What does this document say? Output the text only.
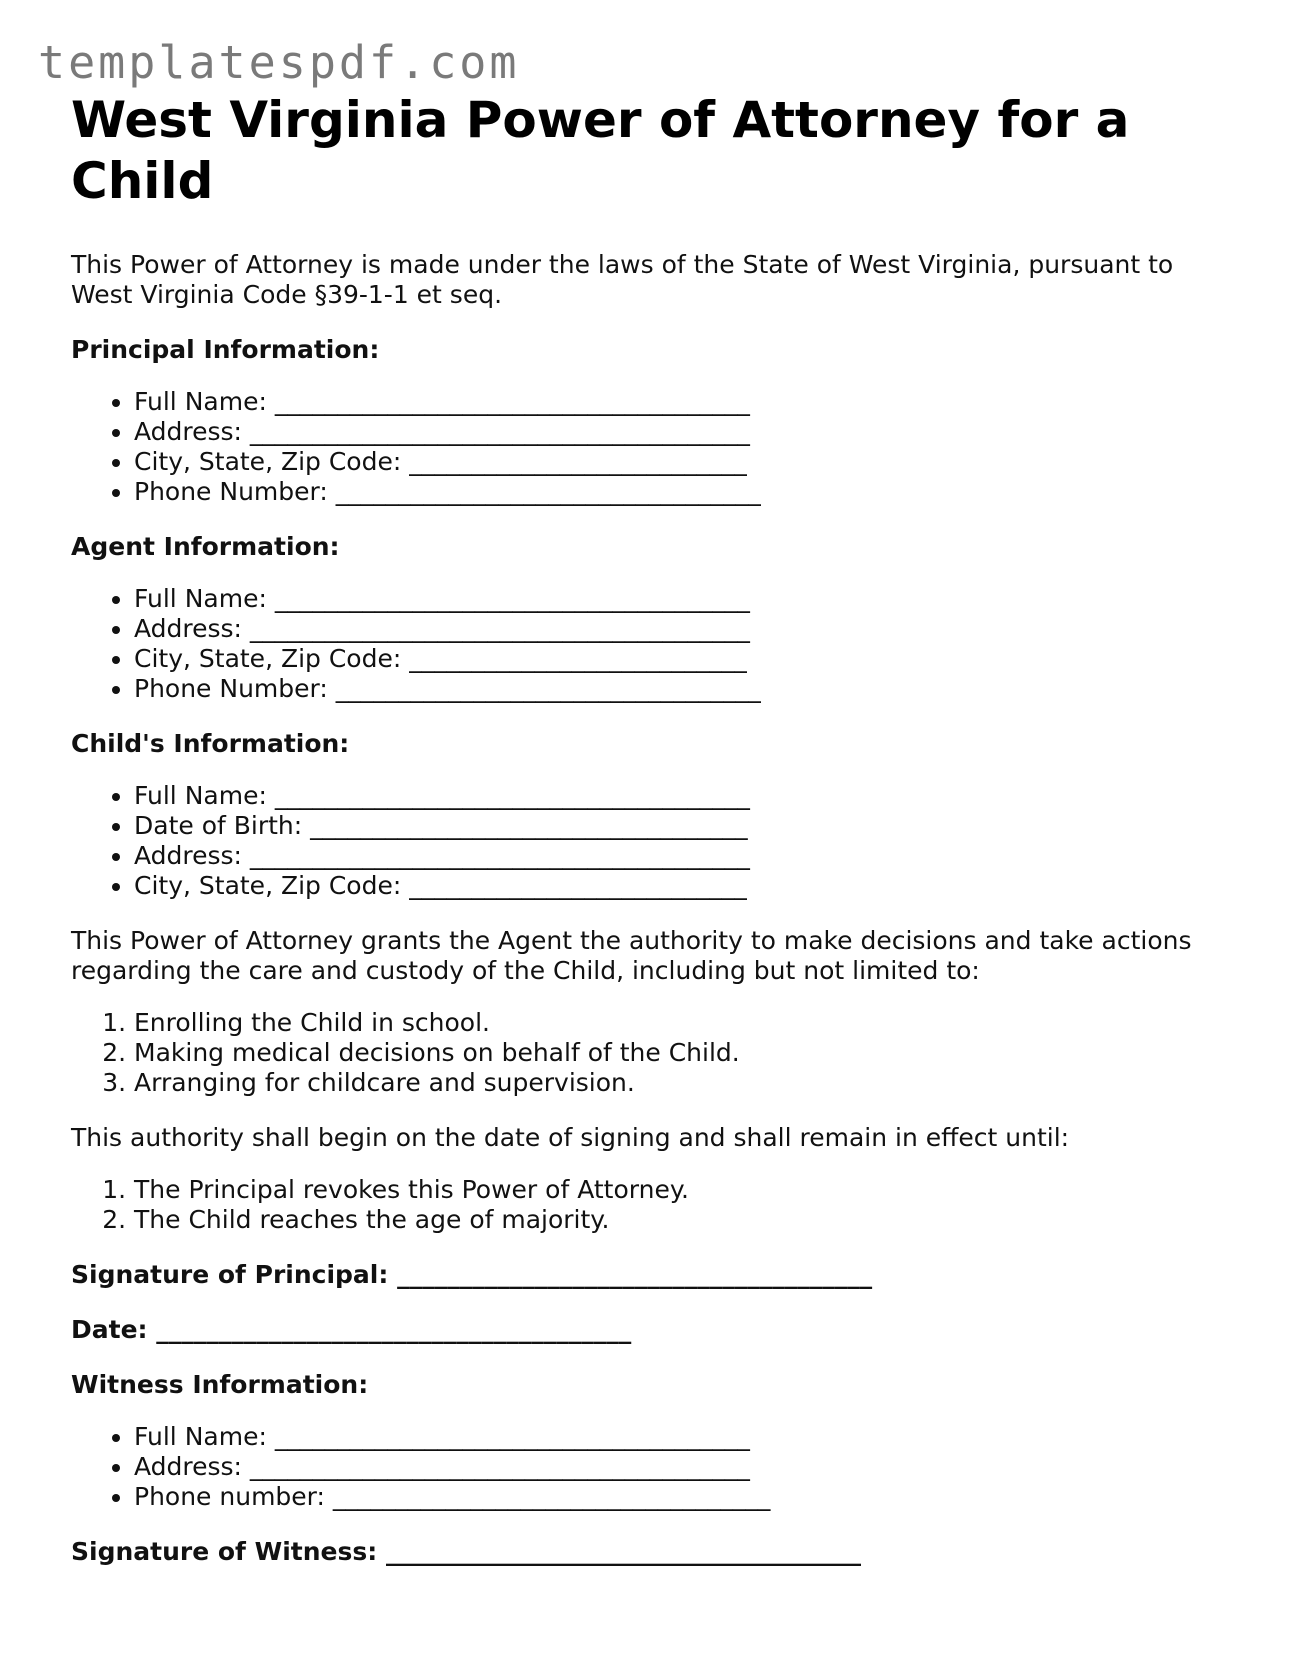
templatespdf.com
West Virginia Power of Attorney for a Child

This Power of Attorney is made under the laws of the State of West Virginia, pursuant to West Virginia Code §39-1-1 et seq.

Principal Information:

• Full Name: ______________________________________
• Address: ________________________________________
• City, State, Zip Code: ___________________________
• Phone Number: __________________________________

Agent Information:

• Full Name: ______________________________________
• Address: ________________________________________
• City, State, Zip Code: ___________________________
• Phone Number: __________________________________

Child's Information:

• Full Name: ______________________________________
• Date of Birth: ___________________________________
• Address: ________________________________________
• City, State, Zip Code: ___________________________

This Power of Attorney grants the Agent the authority to make decisions and take actions regarding the care and custody of the Child, including but not limited to:

1. Enrolling the Child in school.
2. Making medical decisions on behalf of the Child.
3. Arranging for childcare and supervision.

This authority shall begin on the date of signing and shall remain in effect until:

1. The Principal revokes this Power of Attorney.
2. The Child reaches the age of majority.

Signature of Principal: ______________________________________

Date: ______________________________________

Witness Information:

• Full Name: ______________________________________
• Address: ________________________________________
• Phone number: ___________________________________

Signature of Witness: ______________________________________
